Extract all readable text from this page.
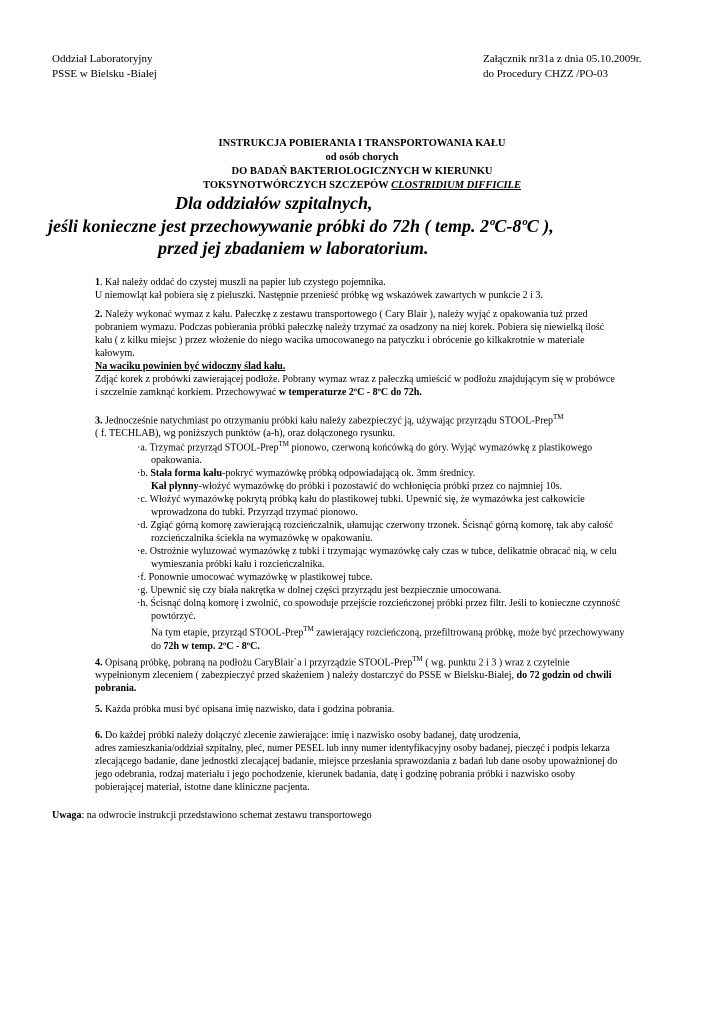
Oddział Laboratoryjny
PSSE w Bielsku -Białej
Załącznik nr31a z dnia 05.10.2009r.
do Procedury CHZZ /PO-03
INSTRUKCJA POBIERANIA I TRANSPORTOWANIA KAŁU
od osób chorych
DO BADAŃ BAKTERIOLOGICZNYCH W KIERUNKU
TOKSYNOTWÓRCZYCH SZCZEPÓW CLOSTRIDIUM DIFFICILE
Dla oddziałów szpitalnych,
jeśli konieczne jest przechowywanie próbki do 72h ( temp. 2ºC-8ºC ),
przed jej zbadaniem w laboratorium.
1. Kał należy oddać do czystej muszli na papier lub czystego pojemnika.
U niemowląt kał pobiera się z pieluszki. Następnie przenieść próbkę wg wskazówek zawartych w punkcie 2 i 3.
2. Należy wykonać wymaz z kału. Pałeczkę z zestawu transportowego ( Cary Blair ), należy wyjąć z opakowania tuż przed
pobraniem wymazu. Podczas pobierania próbki pałeczkę należy trzymać za osadzony na niej korek. Pobiera się niewielką ilość
kału ( z kilku miejsc ) przez włożenie do niego wacika umocowanego na patyczku i obrócenie go kilkakrotnie w materiale
kałowym.
Na waciku powinien być widoczny ślad kału.
Zdjąć korek z probówki zawierającej podłoże. Pobrany wymaz wraz z pałeczką umieścić w podłożu znajdującym się w probówce
i szczelnie zamknąć korkiem. Przechowywać w temperaturze 2ºC - 8ºC do 72h.
3. Jednocześnie natychmiast po otrzymaniu próbki kału należy zabezpieczyć ją, używając przyrządu STOOL-Prep™
( f. TECHLAB), wg poniższych punktów (a-h), oraz dołączonego rysunku.
·a. Trzymać przyrząd STOOL-Prep™ pionowo, czerwoną końcówką do góry. Wyjąć wymazówkę z plastikowego
opakowania.
·b. Stała forma kału-pokryć wymazówkę próbką odpowiadającą ok. 3mm średnicy.
Kał płynny-włożyć wymazówkę do próbki i pozostawić do wchłonięcia próbki przez co najmniej 10s.
·c. Włożyć wymazówkę pokrytą próbką kału do plastikowej tubki. Upewnić się, że wymazówka jest całkowicie
wprowadzona do tubki. Przyrząd trzymać pionowo.
·d. Zgiąć górną komorę zawierającą rozcieńczalnik, ułamując czerwony trzonek. Ścisnąć górną komorę, tak aby całość
rozcieńczalnika ściekła na wymazówkę w opakowaniu.
·e. Ostrożnie wyluzować wymazówkę z tubki i trzymając wymazówkę cały czas w tubce, delikatnie obracać nią, w celu
wymieszania próbki kału i rozcieńczalnika.
·f. Ponownie umocować wymazówkę w plastikowej tubce.
·g. Upewnić się czy biała nakrętka w dolnej części przyrządu jest bezpiecznie umocowana.
·h. Ścisnąć dolną komorę i zwolnić, co spowoduje przejście rozcieńczonej próbki przez filtr. Jeśli to konieczne czynność
powtórzyć.
Na tym etapie, przyrząd STOOL-Prep™ zawierający rozcieńczoną, przefiltrowaną próbkę, może być przechowywany
do 72h w temp. 2ºC - 8ºC.
4. Opisaną próbkę, pobraną na podłożu CaryBlair`a i przyrządzie STOOL-Prep™ ( wg. punktu 2 i 3 ) wraz z czytelnie
wypełnionym zleceniem ( zabezpieczyć przed skażeniem ) należy dostarczyć do PSSE w Bielsku-Białej, do 72 godzin od chwili
pobrania.
5. Każda próbka musi być opisana imię nazwisko, data i godzina pobrania.
6. Do każdej próbki należy dołączyć zlecenie zawierające: imię i nazwisko osoby badanej, datę urodzenia,
adres zamieszkania/oddział szpitalny, płeć, numer PESEL lub inny numer identyfikacyjny osoby badanej, pieczęć i podpis lekarza
zlecającego badanie, dane jednostki zlecającej badanie, miejsce przesłania sprawozdania z badań lub dane osoby upoważnionej do
jego odebrania, rodzaj materiału i jego pochodzenie, kierunek badania, datę i godzinę pobrania próbki i nazwisko osoby
pobierającej materiał, istotne dane kliniczne pacjenta.
Uwaga: na odwrocie instrukcji przedstawiono schemat zestawu transportowego
